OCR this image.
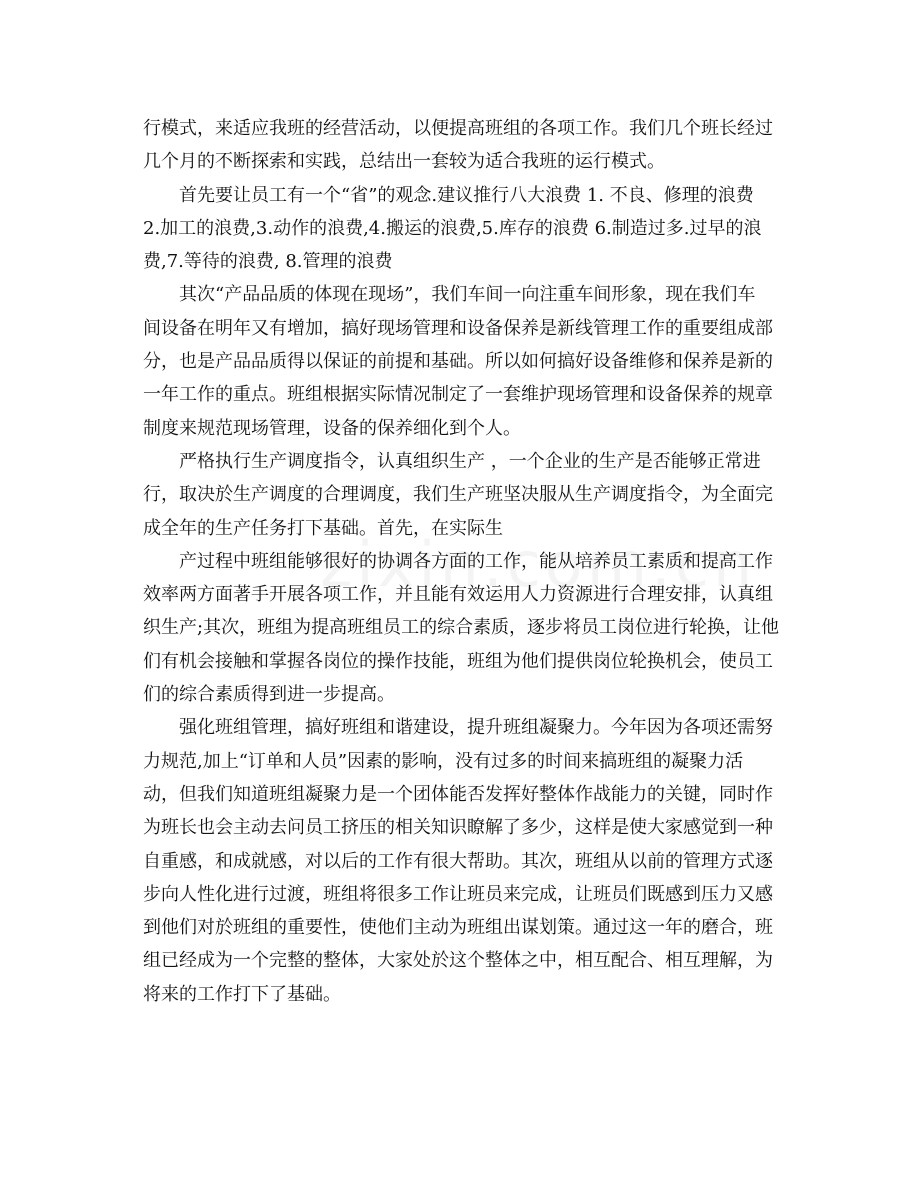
行模式，来适应我班的经营活动，以便提高班组的各项工作。我们几个班长经过
几个月的不断探索和实践，总结出一套较为适合我班的运行模式。
首先要让员工有一个“省”的观念.建议推行八大浪费 1. 不良、修理的浪费
2.加工的浪费,3.动作的浪费,4.搬运的浪费,5.库存的浪费 6.制造过多.过早的浪
费,7.等待的浪费, 8.管理的浪费
其次“产品品质的体现在现场”，我们车间一向注重车间形象，现在我们车
间设备在明年又有增加，搞好现场管理和设备保养是新线管理工作的重要组成部
分，也是产品品质得以保证的前提和基础。所以如何搞好设备维修和保养是新的
一年工作的重点。班组根据实际情况制定了一套维护现场管理和设备保养的规章
制度来规范现场管理，设备的保养细化到个人。
严格执行生产调度指令，认真组织生产 ，一个企业的生产是否能够正常进
行，取决於生产调度的合理调度，我们生产班坚决服从生产调度指令，为全面完
成全年的生产任务打下基础。首先，在实际生
产过程中班组能够很好的协调各方面的工作，能从培养员工素质和提高工作
效率两方面著手开展各项工作，并且能有效运用人力资源进行合理安排，认真组
织生产;其次，班组为提高班组员工的综合素质，逐步将员工岗位进行轮换，让他
们有机会接触和掌握各岗位的操作技能，班组为他们提供岗位轮换机会，使员工
们的综合素质得到进一步提高。
强化班组管理，搞好班组和谐建设，提升班组凝聚力。今年因为各项还需努
力规范,加上“订单和人员”因素的影响，没有过多的时间来搞班组的凝聚力活
动，但我们知道班组凝聚力是一个团体能否发挥好整体作战能力的关键，同时作
为班长也会主动去问员工挤压的相关知识瞭解了多少，这样是使大家感觉到一种
自重感，和成就感，对以后的工作有很大帮助。其次，班组从以前的管理方式逐
步向人性化进行过渡，班组将很多工作让班员来完成，让班员们既感到压力又感
到他们对於班组的重要性，使他们主动为班组出谋划策。通过这一年的磨合，班
组已经成为一个完整的整体，大家处於这个整体之中，相互配合、相互理解，为
将来的工作打下了基础。
